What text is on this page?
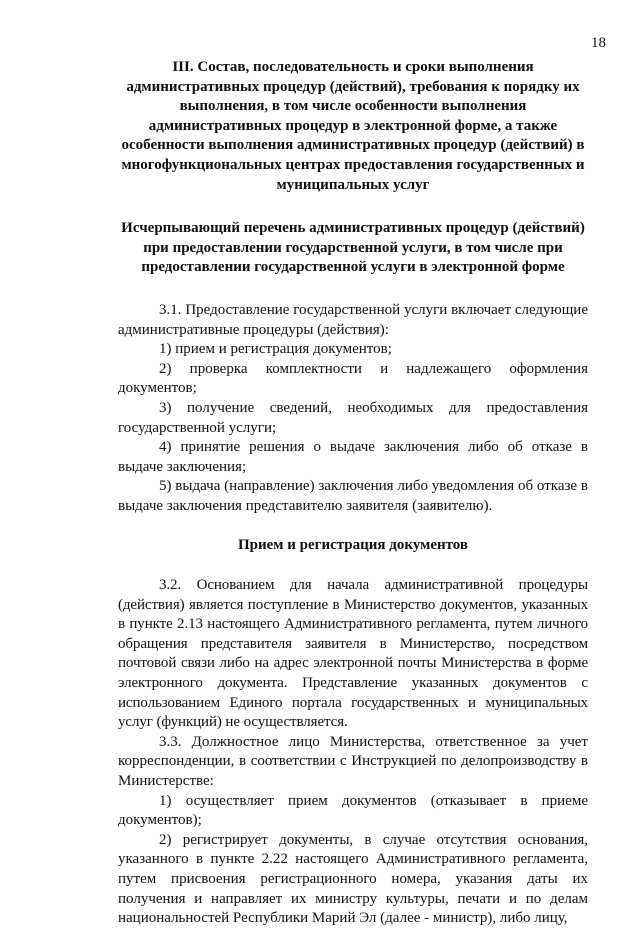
18
III. Состав, последовательность и сроки выполнения административных процедур (действий), требования к порядку их выполнения, в том числе особенности выполнения административных процедур в электронной форме, а также особенности выполнения административных процедур (действий) в многофункциональных центрах предоставления государственных и муниципальных услуг
Исчерпывающий перечень административных процедур (действий) при предоставлении государственной услуги, в том числе при предоставлении государственной услуги в электронной форме

3.1. Предоставление государственной услуги включает следующие административные процедуры (действия):

1) прием и регистрация документов;

2) проверка комплектности и надлежащего оформления документов;

3) получение сведений, необходимых для предоставления государственной услуги;

4) принятие решения о выдаче заключения либо об отказе в выдаче заключения;

5) выдача (направление) заключения либо уведомления об отказе в выдаче заключения представителю заявителя (заявителю).

Прием и регистрация документов

3.2. Основанием для начала административной процедуры (действия) является поступление в Министерство документов, указанных в пункте 2.13 настоящего Административного регламента, путем личного обращения представителя заявителя в Министерство, посредством почтовой связи либо на адрес электронной почты Министерства в форме электронного документа. Представление указанных документов с использованием Единого портала государственных и муниципальных услуг (функций) не осуществляется.

3.3. Должностное лицо Министерства, ответственное за учет корреспонденции, в соответствии с Инструкцией по делопроизводству в Министерстве:

1) осуществляет прием документов (отказывает в приеме документов);

2) регистрирует документы, в случае отсутствия основания, указанного в пункте 2.22 настоящего Административного регламента, путем присвоения регистрационного номера, указания даты их получения и направляет их министру культуры, печати и по делам национальностей Республики Марий Эл (далее - министр), либо лицу,
